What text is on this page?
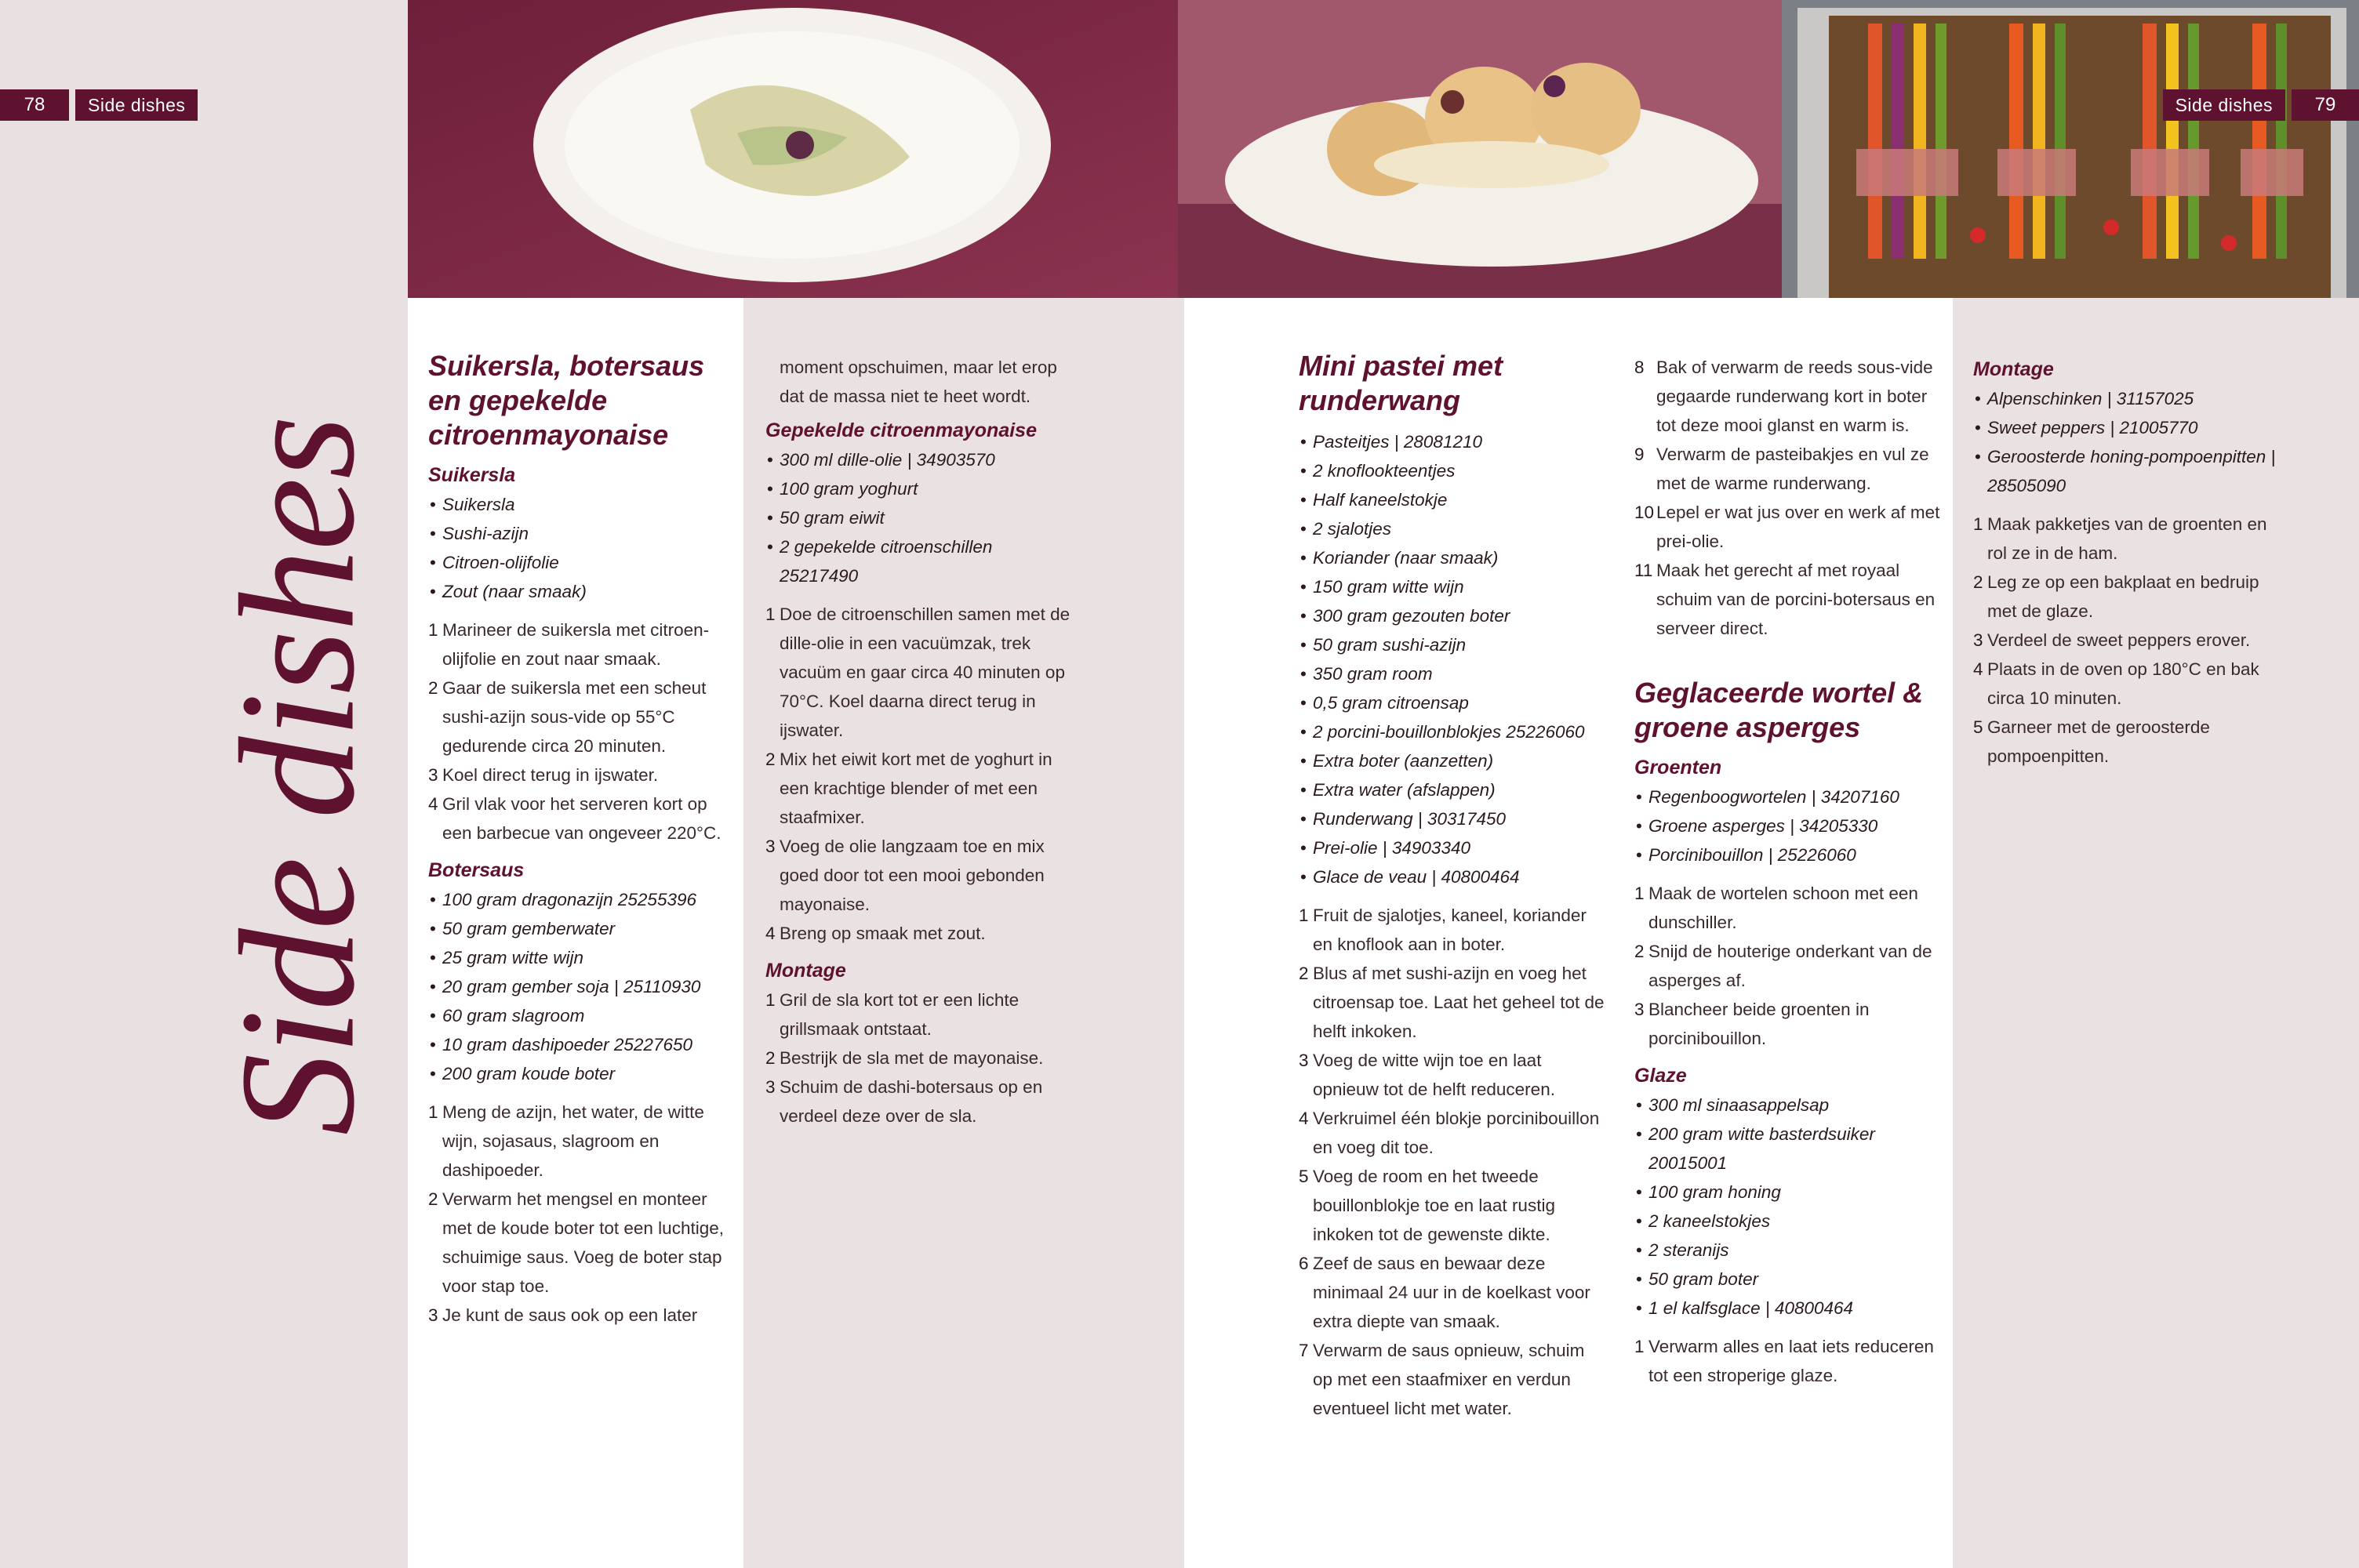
78	Side dishes	Side dishes	79
Side dishes
Suikersla, botersaus en gepekelde citroenmayonaise
Suikersla
• Suikersla
• Sushi-azijn
• Citroen-olijfolie
• Zout (naar smaak)
1 Marineer de suikersla met citroen-olijfolie en zout naar smaak.
2 Gaar de suikersla met een scheut sushi-azijn sous-vide op 55°C gedurende circa 20 minuten.
3 Koel direct terug in ijswater.
4 Gril vlak voor het serveren kort op een barbecue van ongeveer 220°C.
Botersaus
• 100 gram dragonazijn 25255396
• 50 gram gemberwater
• 25 gram witte wijn
• 20 gram gember soja | 25110930
• 60 gram slagroom
• 10 gram dashipoeder 25227650
• 200 gram koude boter
1 Meng de azijn, het water, de witte wijn, sojasaus, slagroom en dashipoeder.
2 Verwarm het mengsel en monteer met de koude boter tot een luchtige, schuimige saus. Voeg de boter stap voor stap toe.
3 Je kunt de saus ook op een later
moment opschuimen, maar let erop dat de massa niet te heet wordt.
Gepekelde citroenmayonaise
• 300 ml dille-olie | 34903570
• 100 gram yoghurt
• 50 gram eiwit
• 2 gepekelde citroenschillen 25217490
1 Doe de citroenschillen samen met de dille-olie in een vacuümzak, trek vacuüm en gaar circa 40 minuten op 70°C. Koel daarna direct terug in ijswater.
2 Mix het eiwit kort met de yoghurt in een krachtige blender of met een staafmixer.
3 Voeg de olie langzaam toe en mix goed door tot een mooi gebonden mayonaise.
4 Breng op smaak met zout.
Montage
1 Gril de sla kort tot er een lichte grillsmaak ontstaat.
2 Bestrijk de sla met de mayonaise.
3 Schuim de dashi-botersaus op en verdeel deze over de sla.
Mini pastei met runderwang
• Pasteitjes | 28081210
• 2 knoflookteentjes
• Half kaneelstokje
• 2 sjalotjes
• Koriander (naar smaak)
• 150 gram witte wijn
• 300 gram gezouten boter
• 50 gram sushi-azijn
• 350 gram room
• 0,5 gram citroensap
• 2 porcini-bouillonblokjes 25226060
• Extra boter (aanzetten)
• Extra water (afslappen)
• Runderwang | 30317450
• Prei-olie | 34903340
• Glace de veau | 40800464
1 Fruit de sjalotjes, kaneel, koriander en knoflook aan in boter.
2 Blus af met sushi-azijn en voeg het citroensap toe. Laat het geheel tot de helft inkoken.
3 Voeg de witte wijn toe en laat opnieuw tot de helft reduceren.
4 Verkruimel één blokje porcinibouillon en voeg dit toe.
5 Voeg de room en het tweede bouillonblokje toe en laat rustig inkoken tot de gewenste dikte.
6 Zeef de saus en bewaar deze minimaal 24 uur in de koelkast voor extra diepte van smaak.
7 Verwarm de saus opnieuw, schuim op met een staafmixer en verdun eventueel licht met water.
8 Bak of verwarm de reeds sous-vide gegaarde runderwang kort in boter tot deze mooi glanst en warm is.
9 Verwarm de pasteibakjes en vul ze met de warme runderwang.
10 Lepel er wat jus over en werk af met prei-olie.
11 Maak het gerecht af met royaal schuim van de porcini-botersaus en serveer direct.
Geglaceerde wortel & groene asperges
Groenten
• Regenboogwortelen | 34207160
• Groene asperges | 34205330
• Porcinibouillon | 25226060
1 Maak de wortelen schoon met een dunschiller.
2 Snijd de houterige onderkant van de asperges af.
3 Blancheer beide groenten in porcinibouillon.
Glaze
• 300 ml sinaasappelsap
• 200 gram witte basterdsuiker 20015001
• 100 gram honing
• 2 kaneelstokjes
• 2 steranijs
• 50 gram boter
• 1 el kalfsglace | 40800464
1 Verwarm alles en laat iets reduceren tot een stroperige glaze.
Montage
• Alpenschinken | 31157025
• Sweet peppers | 21005770
• Geroosterde honing-pompoenpitten | 28505090
1 Maak pakketjes van de groenten en rol ze in de ham.
2 Leg ze op een bakplaat en bedruip met de glaze.
3 Verdeel de sweet peppers erover.
4 Plaats in de oven op 180°C en bak circa 10 minuten.
5 Garneer met de geroosterde pompoenpitten.
